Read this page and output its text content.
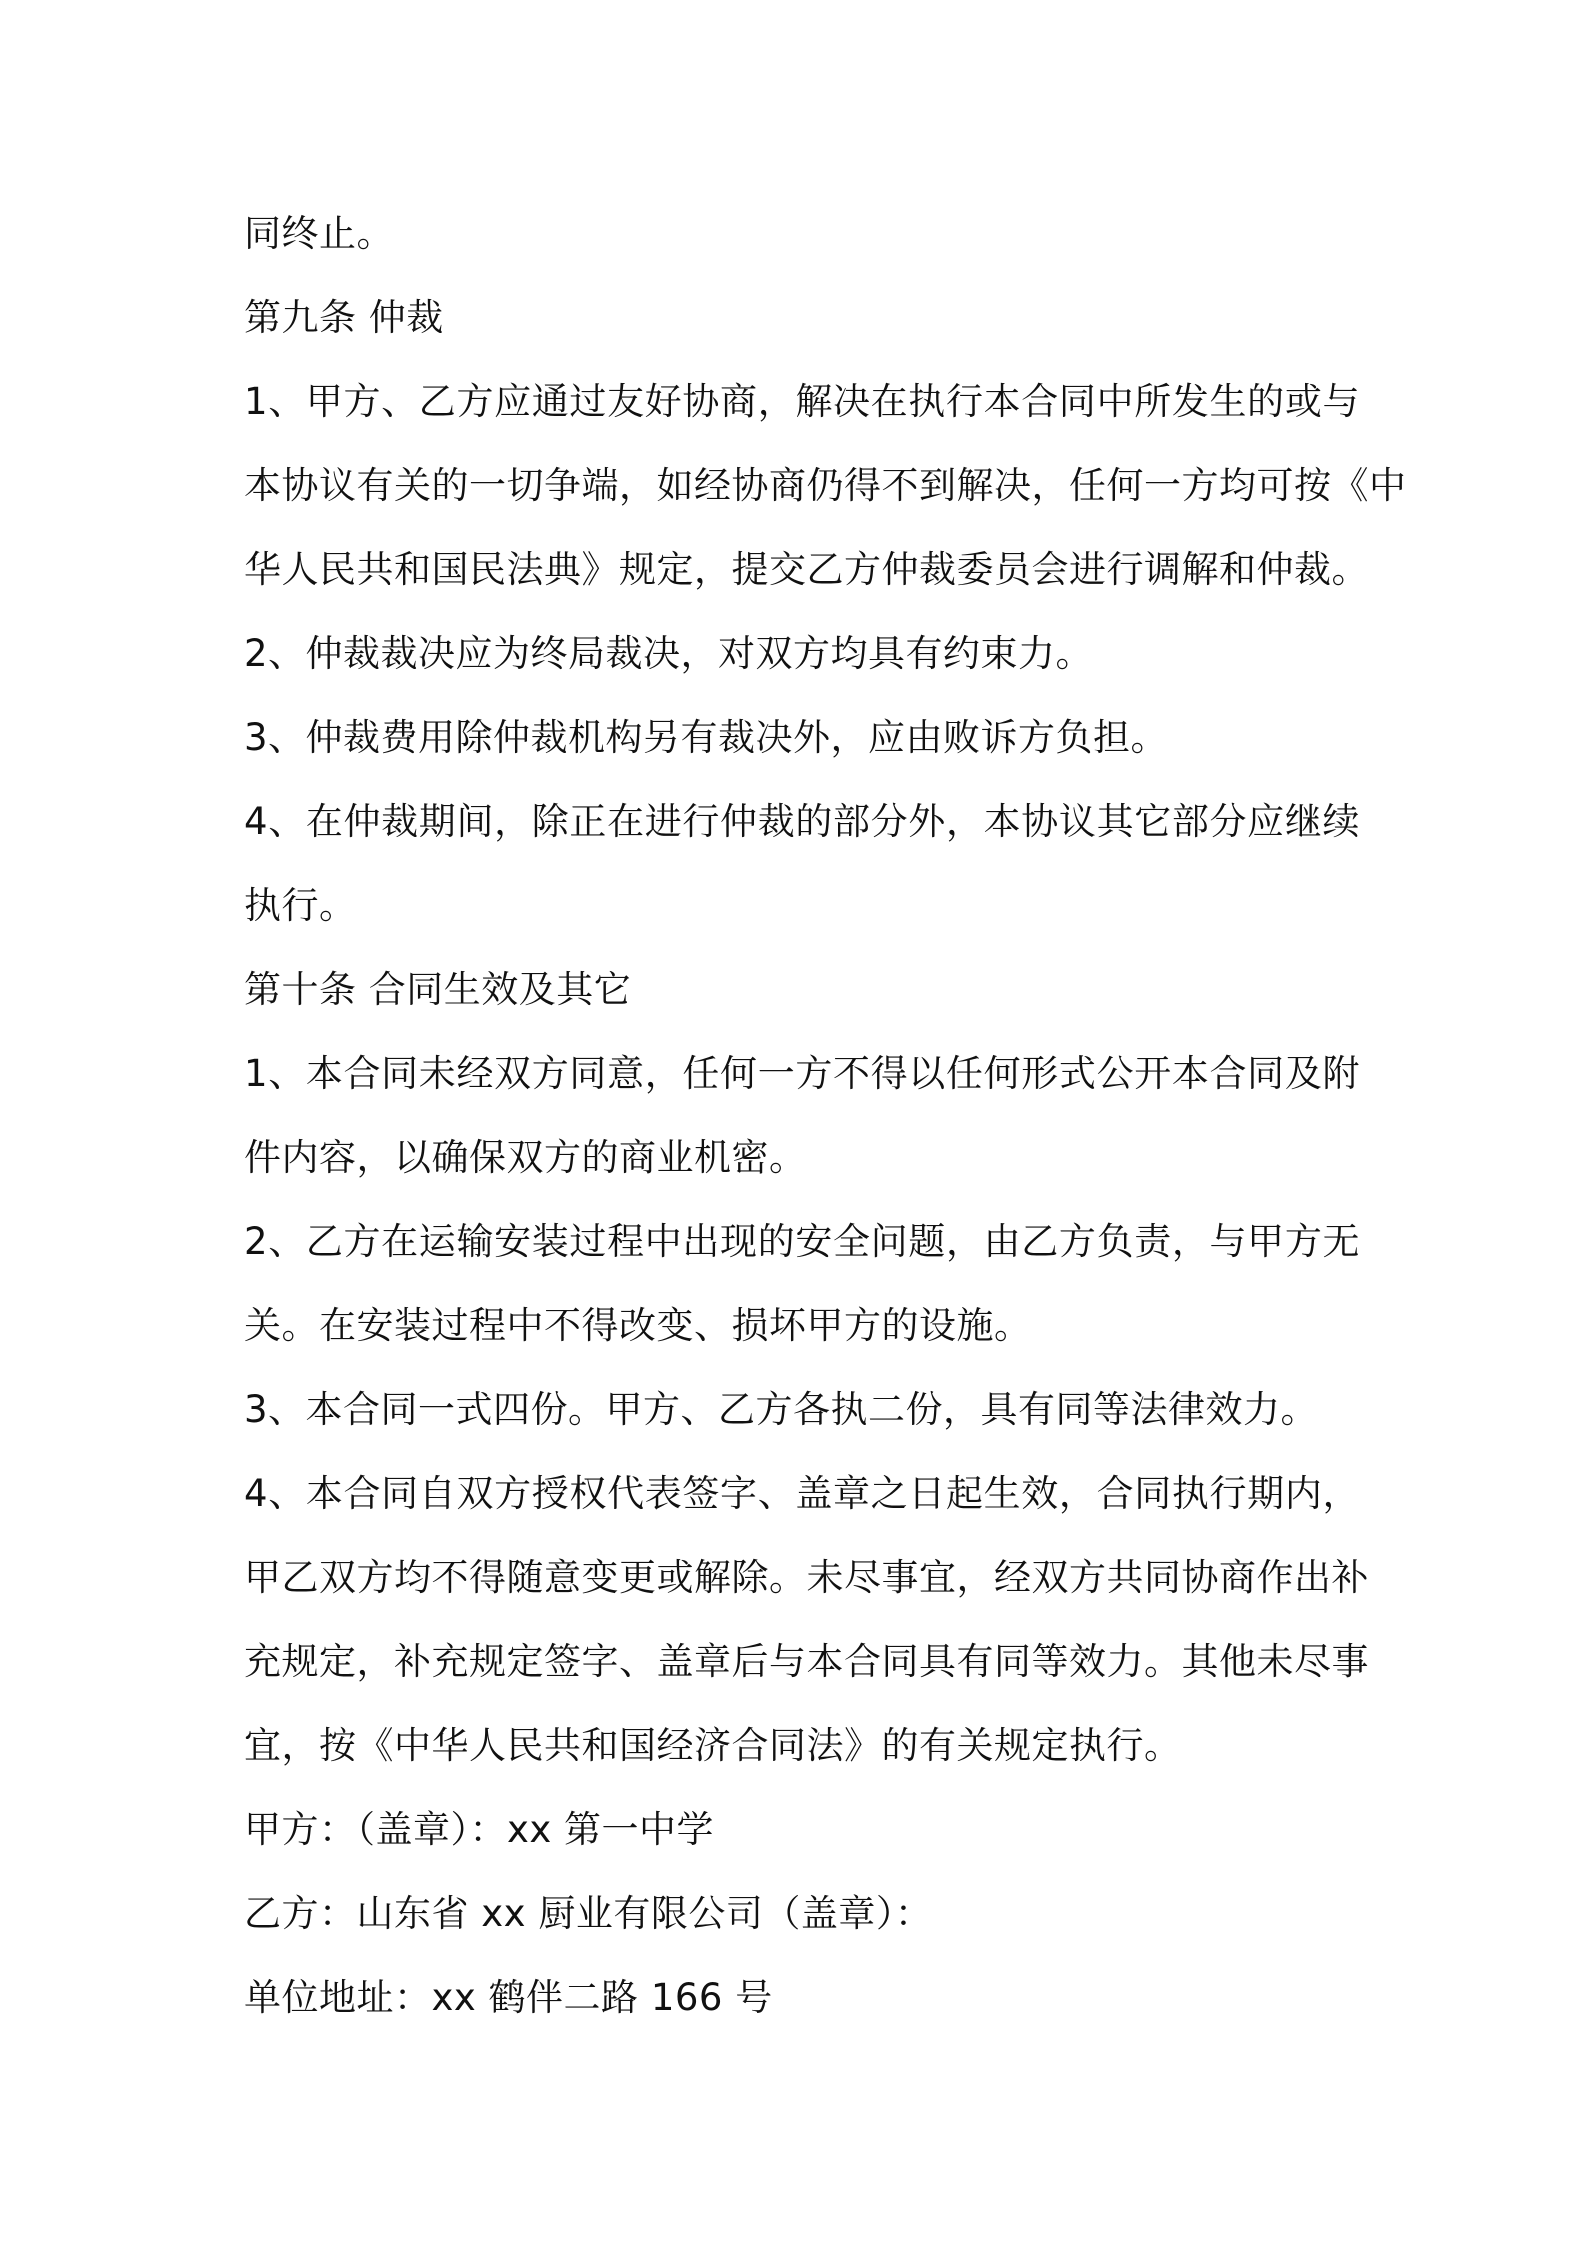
同终止。
第九条 仲裁
1、甲方、乙方应通过友好协商，解决在执行本合同中所发生的或与
本协议有关的一切争端，如经协商仍得不到解决，任何一方均可按《中
华人民共和国民法典》规定，提交乙方仲裁委员会进行调解和仲裁。
2、仲裁裁决应为终局裁决，对双方均具有约束力。
3、仲裁费用除仲裁机构另有裁决外，应由败诉方负担。
4、在仲裁期间，除正在进行仲裁的部分外，本协议其它部分应继续
执行。
第十条 合同生效及其它
1、本合同未经双方同意，任何一方不得以任何形式公开本合同及附
件内容，以确保双方的商业机密。
2、乙方在运输安装过程中出现的安全问题，由乙方负责，与甲方无
关。在安装过程中不得改变、损坏甲方的设施。
3、本合同一式四份。甲方、乙方各执二份，具有同等法律效力。
4、本合同自双方授权代表签字、盖章之日起生效，合同执行期内，
甲乙双方均不得随意变更或解除。未尽事宜，经双方共同协商作出补
充规定，补充规定签字、盖章后与本合同具有同等效力。其他未尽事
宜，按《中华人民共和国经济合同法》的有关规定执行。
甲方：（盖章）：xx 第一中学
乙方：山东省 xx 厨业有限公司（盖章）：
单位地址：xx 鹤伴二路 166 号
